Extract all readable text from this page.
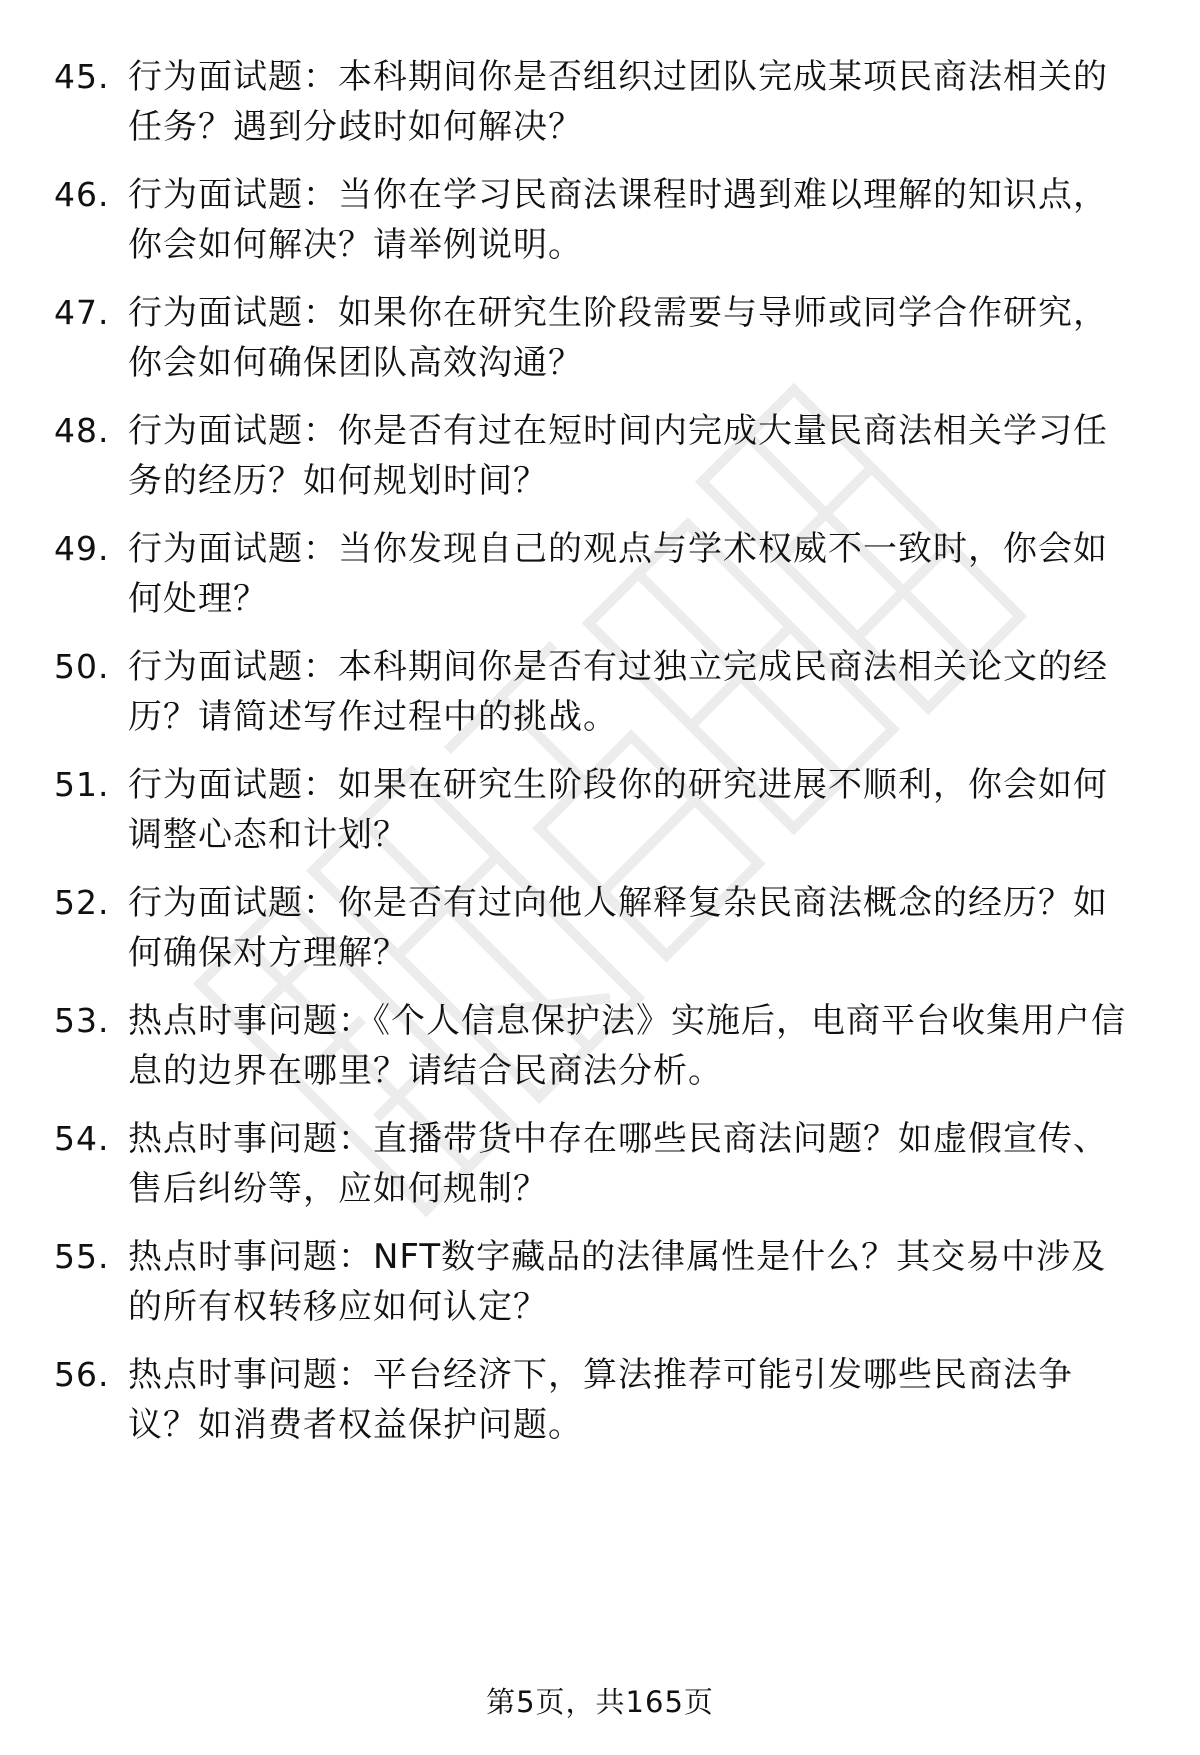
45. 行为面试题：本科期间你是否组织过团队完成某项民商法相关的任务？遇到分歧时如何解决？
46. 行为面试题：当你在学习民商法课程时遇到难以理解的知识点，你会如何解决？请举例说明。
47. 行为面试题：如果你在研究生阶段需要与导师或同学合作研究，你会如何确保团队高效沟通？
48. 行为面试题：你是否有过在短时间内完成大量民商法相关学习任务的经历？如何规划时间？
49. 行为面试题：当你发现自己的观点与学术权威不一致时，你会如何处理？
50. 行为面试题：本科期间你是否有过独立完成民商法相关论文的经历？请简述写作过程中的挑战。
51. 行为面试题：如果在研究生阶段你的研究进展不顺利，你会如何调整心态和计划？
52. 行为面试题：你是否有过向他人解释复杂民商法概念的经历？如何确保对方理解？
53. 热点时事问题：《个人信息保护法》实施后，电商平台收集用户信息的边界在哪里？请结合民商法分析。
54. 热点时事问题：直播带货中存在哪些民商法问题？如虚假宣传、售后纠纷等，应如何规制？
55. 热点时事问题：NFT数字藏品的法律属性是什么？其交易中涉及的所有权转移应如何认定？
56. 热点时事问题：平台经济下，算法推荐可能引发哪些民商法争议？如消费者权益保护问题。
第5页，共165页
